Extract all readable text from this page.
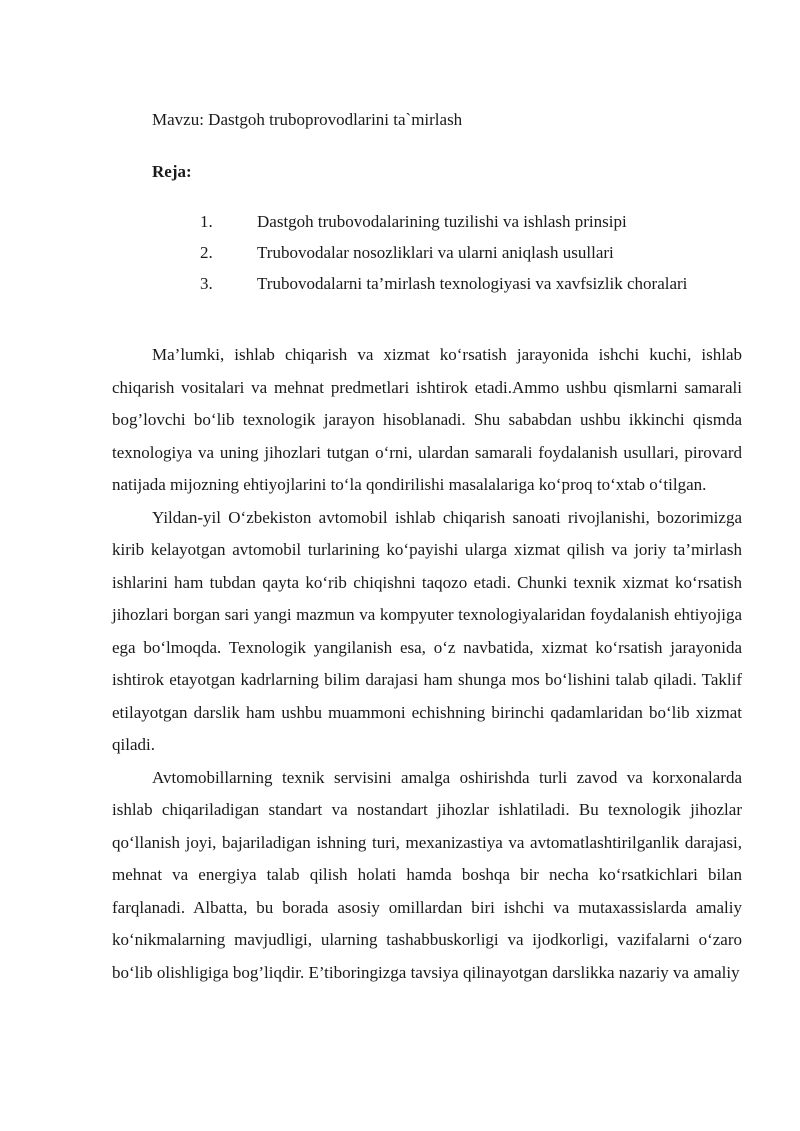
Mavzu: Dastgoh truboprovodlarini ta`mirlash
Reja:
1.	Dastgoh trubovodalarining tuzilishi va ishlash prinsipi
2.	Trubovodalar nosozliklari va ularni aniqlash usullari
3.	Trubovodalarni ta’mirlash texnologiyasi va xavfsizlik choralari

Ma’lumki, ishlab chiqarish va xizmat ko‘rsatish jarayonida ishchi kuchi, ishlab chiqarish vositalari va mehnat predmetlari ishtirok etadi.Ammo ushbu qismlarni samarali bog’lovchi bo‘lib texnologik jarayon hisoblanadi. Shu sababdan ushbu ikkinchi qismda texnologiya va uning jihozlari tutgan o‘rni, ulardan samarali foydalanish usullari, pirovard natijada mijozning ehtiyojlarini to‘la qondirilishi masalalariga ko‘proq to‘xtab o‘tilgan.

Yildan-yil O‘zbekiston avtomobil ishlab chiqarish sanoati rivojlanishi, bozorimizga kirib kelayotgan avtomobil turlarining ko‘payishi ularga xizmat qilish va joriy ta’mirlash ishlarini ham tubdan qayta ko‘rib chiqishni taqozo etadi. Chunki texnik xizmat ko‘rsatish jihozlari borgan sari yangi mazmun va kompyuter texnologiyalaridan foydalanish ehtiyojiga ega bo‘lmoqda. Texnologik yangilanish esa, o‘z navbatida, xizmat ko‘rsatish jarayonida ishtirok etayotgan kadrlarning bilim darajasi ham shunga mos bo‘lishini talab qiladi. Taklif etilayotgan darslik ham ushbu muammoni echishning birinchi qadamlaridan bo‘lib xizmat qiladi.

Avtomobillarning texnik servisini amalga oshirishda turli zavod va korxonalarda ishlab chiqariladigan standart va nostandart jihozlar ishlatiladi. Bu texnologik jihozlar qo‘llanish joyi, bajariladigan ishning turi, mexanizastiya va avtomatlashtirilganlik darajasi, mehnat va energiya talab qilish holati hamda boshqa bir necha ko‘rsatkichlari bilan farqlanadi. Albatta, bu borada asosiy omillardan biri ishchi va mutaxassislarda amaliy ko‘nikmalarning mavjudligi, ularning tashabbuskorligi va ijodkorligi, vazifalarni o‘zaro bo‘lib olishligiga bog’liqdir. E’tiboringizga tavsiya qilinayotgan darslikka nazariy va amaliy
